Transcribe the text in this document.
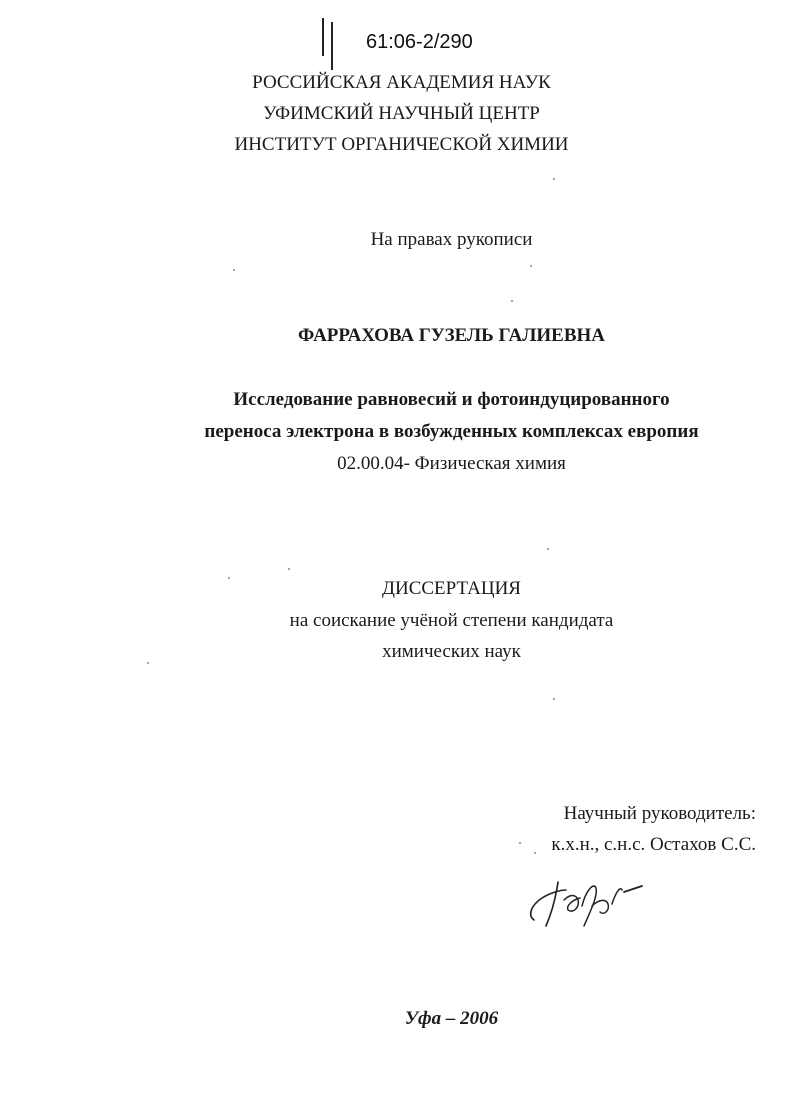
61:06-2/290
РОССИЙСКАЯ АКАДЕМИЯ НАУК
УФИМСКИЙ НАУЧНЫЙ ЦЕНТР
ИНСТИТУТ ОРГАНИЧЕСКОЙ ХИМИИ
На правах рукописи
ФАРРАХОВА ГУЗЕЛЬ ГАЛИЕВНА
Исследование равновесий и фотоиндуцированного
переноса электрона в возбужденных комплексах европия
02.00.04- Физическая химия
ДИССЕРТАЦИЯ
на соискание учёной степени кандидата
химических наук
Научный руководитель:
к.х.н., с.н.с. Остахов С.С.
Уфа – 2006
